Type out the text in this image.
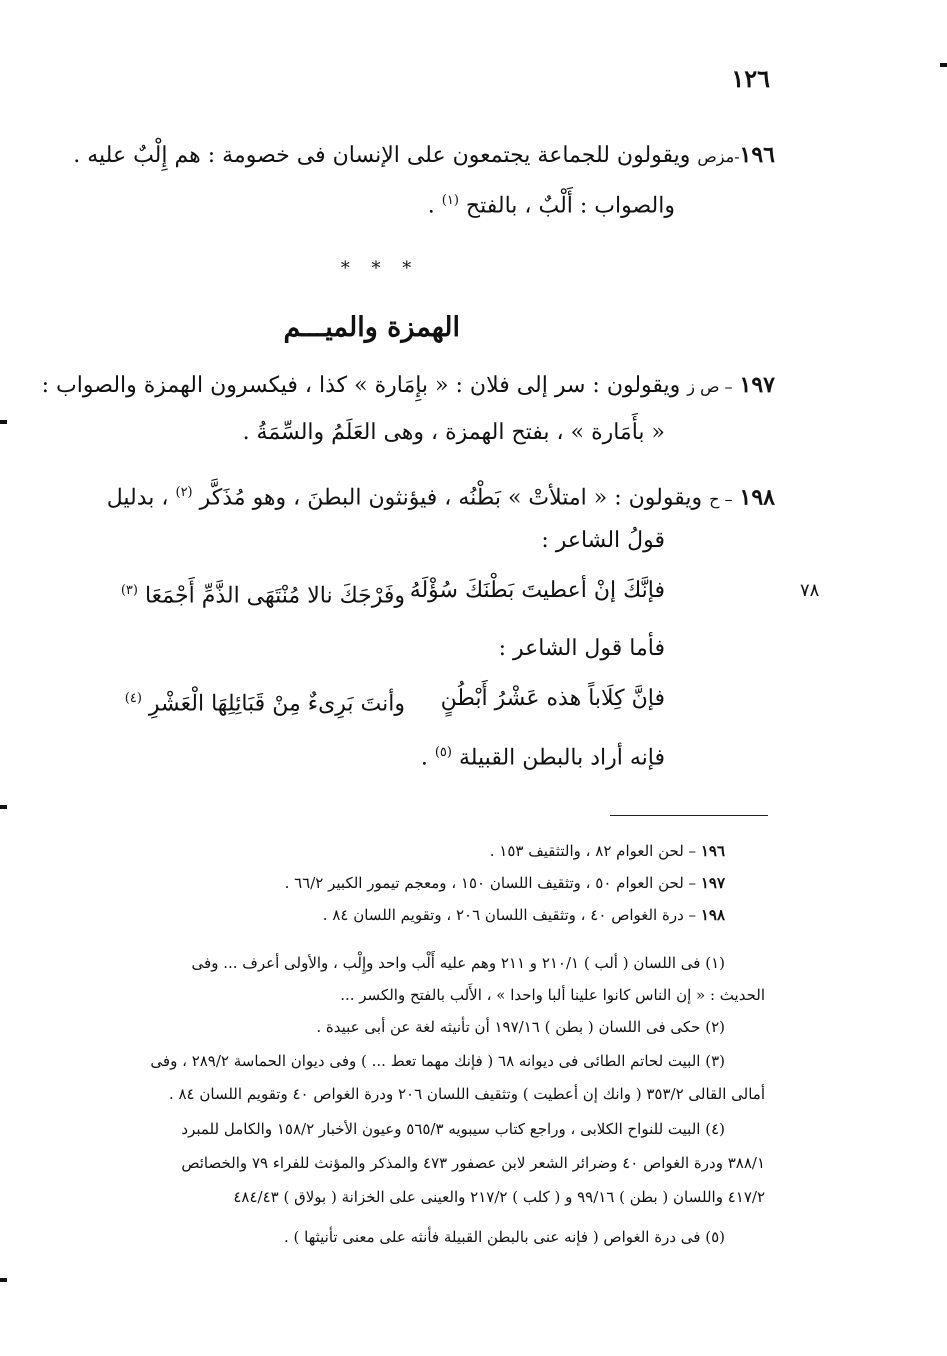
١٢٦
١٩٦-مزص ويقولون للجماعة يجتمعون على الإنسان فى خصومة : هم إِلْبٌ عليه .
والصواب : أَلْبٌ ، بالفتح $^{(١)}$ .
* * *
الهمزة والميـــم
١٩٧ – ص ز ويقولون : سر إلى فلان : « بإِمَارة » كذا ، فيكسرون الهمزة والصواب :
« بأَمَارة » ، بفتح الهمزة ، وهى العَلَمُ والسِّمَةُ .
١٩٨ – ح ويقولون : « امتلأتْ » بَطْنُه ، فيؤنثون البطنَ ، وهو مُذَكَّر $^{(٢)}$ ، بدليل
قولُ الشاعر :
فإنَّكَ إنْ أعطيتَ بَطْنَكَ سُؤْلَهُ
وفَرْجَكَ نالا مُنْتَهَى الذَّمِّ أَجْمَعَا $^{(٣)}$	٧٨
فأما قول الشاعر :
فإنَّ كِلَاباً هذه عَشْرُ أَبْطُنٍ
وأنتَ بَرِىءٌ مِنْ قَبَائِلِهَا الْعَشْرِ $^{(٤)}$
فإنه أراد بالبطن القبيلة $^{(٥)}$ .
١٩٦ – لحن العوام ٨٢ ، والتثقيف ١٥٣ .
١٩٧ – لحن العوام ٥٠ ، وتثقيف اللسان ١٥٠ ، ومعجم تيمور الكبير ٦٦/٢ .
١٩٨ – درة الغواص ٤٠ ، وتثقيف اللسان ٢٠٦ ، وتقويم اللسان ٨٤ .
(١) فى اللسان ( ألب ) ٢١٠/١ و ٢١١ وهم عليه أَلْب واحد وإِلْب ، والأولى أعرف ... وفى
الحديث : « إن الناس كانوا علينا ألبا واحدا » ، الأَلب بالفتح والكسر ...
(٢) حكى فى اللسان ( بطن ) ١٩٧/١٦ أن تأنيثه لغة عن أبى عبيدة .
(٣) البيت لحاتم الطائى فى ديوانه ٦٨ ( فإنك مهما تعط ... ) وفى ديوان الحماسة ٢٨٩/٢ ، وفى
أمالى القالى ٣٥٣/٢ ( وانك إن أعطيت ) وتثقيف اللسان ٢٠٦ ودرة الغواص ٤٠ وتقويم اللسان ٨٤ .
(٤) البيت للنواح الكلابى ، وراجع كتاب سيبويه ٥٦٥/٣ وعيون الأخبار ١٥٨/٢ والكامل للمبرد
٣٨٨/١ ودرة الغواص ٤٠ وضرائر الشعر لابن عصفور ٤٧٣ والمذكر والمؤنث للفراء ٧٩ والخصائص
٤١٧/٢ واللسان ( بطن ) ٩٩/١٦ و ( كلب ) ٢١٧/٢ والعينى على الخزانة ( بولاق ) ٤٨٤/٤٣
(٥) فى درة الغواص ( فإنه عنى بالبطن القبيلة فأنثه على معنى تأنيثها ) .
